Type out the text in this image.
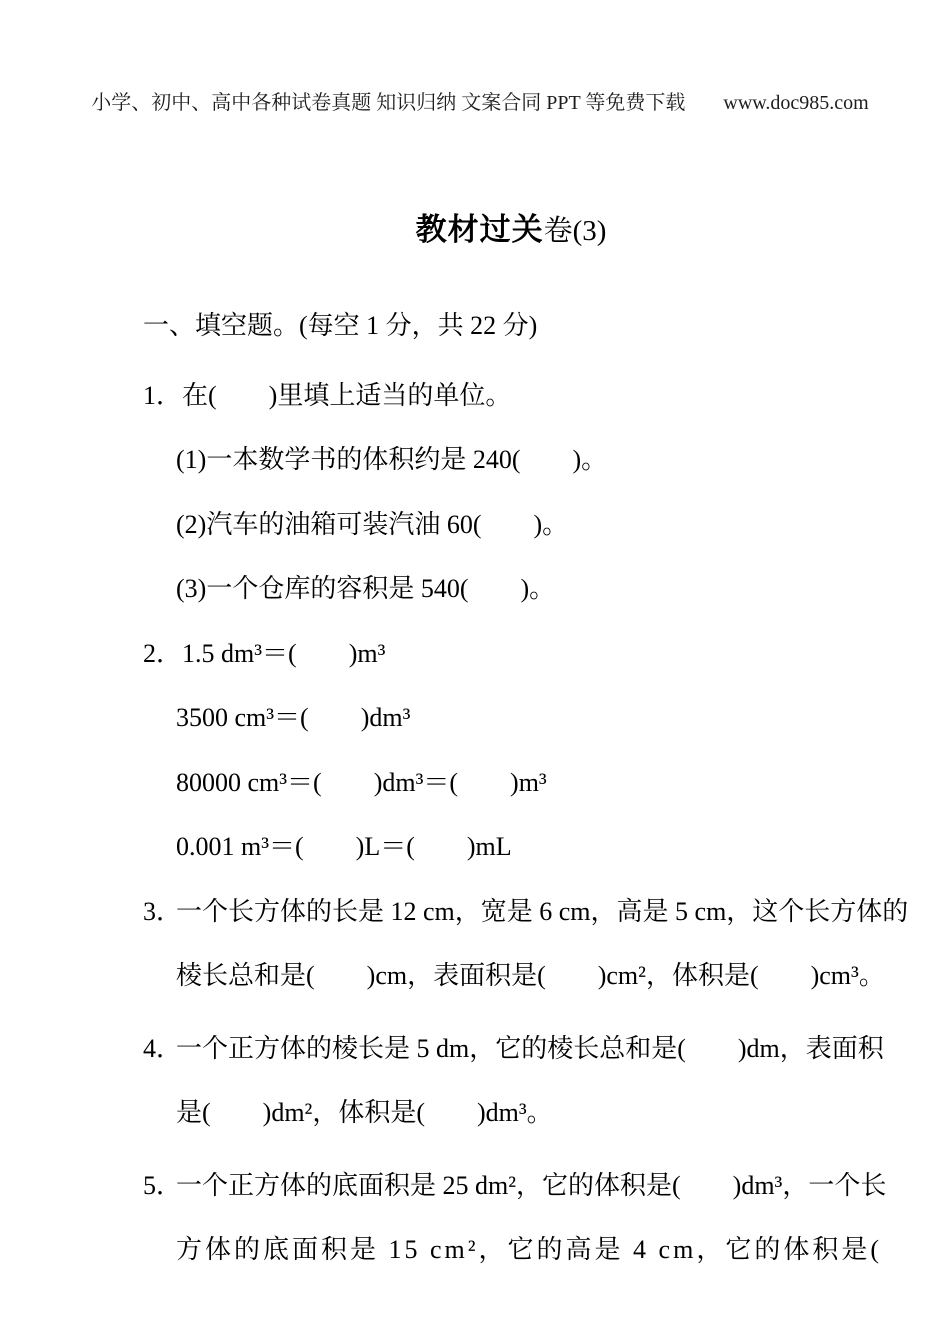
小学、初中、高中各种试卷真题 知识归纳 文案合同 PPT 等免费下载 www.doc985.com

教材过关卷(3)

一、填空题。(每空 1 分，共 22 分)
1． 在(　　)里填上适当的单位。
(1)一本数学书的体积约是 240(　　)。
(2)汽车的油箱可装汽油 60(　　)。
(3)一个仓库的容积是 540(　　)。
2． 1.5 dm³＝(　　)m³
3500 cm³＝(　　)dm³
80000 cm³＝(　　)dm³＝(　　)m³
0.001 m³＝(　　)L＝(　　)mL
3．
一个长方体的长是 12 cm，宽是 6 cm，高是 5 cm，这个长方体的
棱长总和是(　　)cm，表面积是(　　)cm²，体积是(　　)cm³。
4．
一个正方体的棱长是 5 dm，它的棱长总和是(　　)dm，表面积
是(　　)dm²，体积是(　　)dm³。
5．
一个正方体的底面积是 25 dm²，它的体积是(　　)dm³，一个长
方体的底面积是 15 cm²，它的高是 4 cm，它的体积是(
